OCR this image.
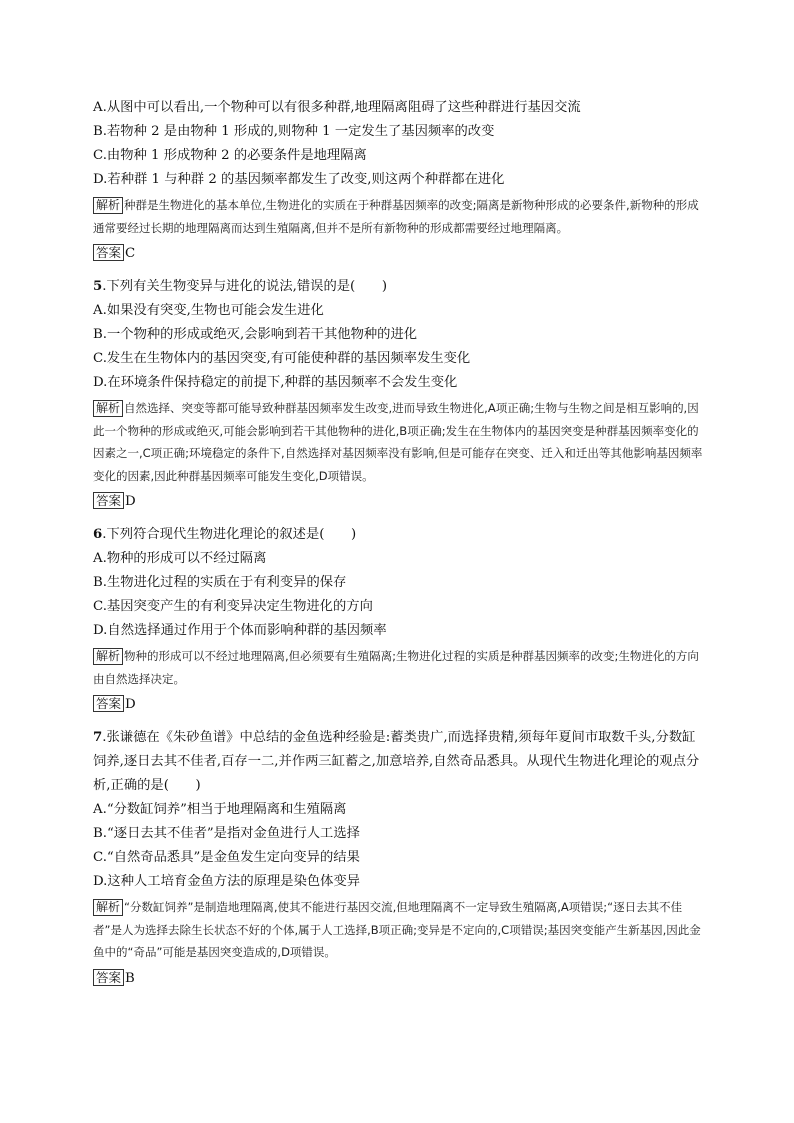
A.从图中可以看出,一个物种可以有很多种群,地理隔离阻碍了这些种群进行基因交流
B.若物种 2 是由物种 1 形成的,则物种 1 一定发生了基因频率的改变
C.由物种 1 形成物种 2 的必要条件是地理隔离
D.若种群 1 与种群 2 的基因频率都发生了改变,则这两个种群都在进化
解析 种群是生物进化的基本单位,生物进化的实质在于种群基因频率的改变;隔离是新物种形成的必要条件,新物种的形成通常要经过长期的地理隔离而达到生殖隔离,但并不是所有新物种的形成都需要经过地理隔离。
答案 C
5.下列有关生物变异与进化的说法,错误的是(　　)
A.如果没有突变,生物也可能会发生进化
B.一个物种的形成或绝灭,会影响到若干其他物种的进化
C.发生在生物体内的基因突变,有可能使种群的基因频率发生变化
D.在环境条件保持稳定的前提下,种群的基因频率不会发生变化
解析 自然选择、突变等都可能导致种群基因频率发生改变,进而导致生物进化,A项正确;生物与生物之间是相互影响的,因此一个物种的形成或绝灭,可能会影响到若干其他物种的进化,B项正确;发生在生物体内的基因突变是种群基因频率变化的因素之一,C项正确;环境稳定的条件下,自然选择对基因频率没有影响,但是可能存在突变、迁入和迁出等其他影响基因频率变化的因素,因此种群基因频率可能发生变化,D项错误。
答案 D
6.下列符合现代生物进化理论的叙述是(　　)
A.物种的形成可以不经过隔离
B.生物进化过程的实质在于有利变异的保存
C.基因突变产生的有利变异决定生物进化的方向
D.自然选择通过作用于个体而影响种群的基因频率
解析 物种的形成可以不经过地理隔离,但必须要有生殖隔离;生物进化过程的实质是种群基因频率的改变;生物进化的方向由自然选择决定。
答案 D
7.张谦德在《朱砂鱼谱》中总结的金鱼选种经验是:蓄类贵广,而选择贵精,须每年夏间市取数千头,分数缸饲养,逐日去其不佳者,百存一二,并作两三缸蓄之,加意培养,自然奇品悉具。从现代生物进化理论的观点分析,正确的是(　　)
A.“分数缸饲养”相当于地理隔离和生殖隔离
B.“逐日去其不佳者”是指对金鱼进行人工选择
C.“自然奇品悉具”是金鱼发生定向变异的结果
D.这种人工培育金鱼方法的原理是染色体变异
解析 “分数缸饲养”是制造地理隔离,使其不能进行基因交流,但地理隔离不一定导致生殖隔离,A项错误;“逐日去其不佳者”是人为选择去除生长状态不好的个体,属于人工选择,B项正确;变异是不定向的,C项错误;基因突变能产生新基因,因此金鱼中的“奇品”可能是基因突变造成的,D项错误。
答案 B
